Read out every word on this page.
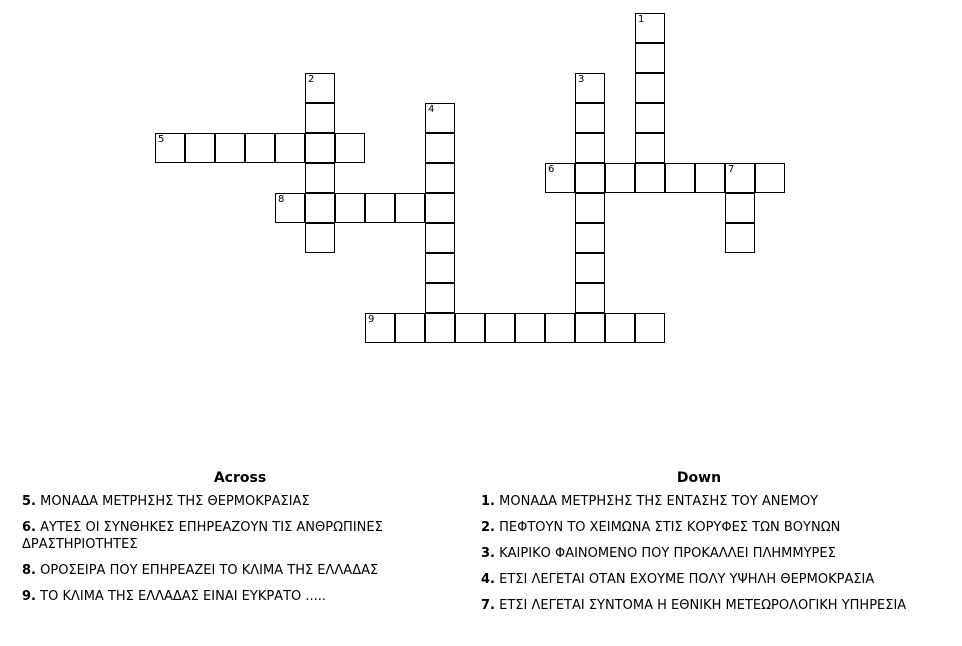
1
2	3
4
5
6	7
8
9
Across
5 . ΜΟΝΑΔΑ ΜΕΤΡΗΣΗΣ ΤΗΣ ΘΕΡΜΟΚΡΑΣΙΑΣ
6 . ΑΥΤΕΣ ΟΙ ΣΥΝΘΗΚΕΣ ΕΠΗΡΕΑΖΟΥΝ ΤΙΣ ΑΝΘΡΩΠΙΝΕΣ ΔΡΑΣΤΗΡΙΟΤΗΤΕΣ
8 . ΟΡΟΣΕΙΡΑ ΠΟΥ ΕΠΗΡΕΑΖΕΙ ΤΟ ΚΛΙΜΑ ΤΗΣ ΕΛΛΑΔΑΣ
9 . ΤΟ ΚΛΙΜΑ ΤΗΣ ΕΛΛΑΔΑΣ ΕΙΝΑΙ ΕΥΚΡΑΤΟ .....
Down
1 . ΜΟΝΑΔΑ ΜΕΤΡΗΣΗΣ ΤΗΣ ΕΝΤΑΣΗΣ ΤΟΥ ΑΝΕΜΟΥ
2 . ΠΕΦΤΟΥΝ ΤΟ ΧΕΙΜΩΝΑ ΣΤΙΣ ΚΟΡΥΦΕΣ ΤΩΝ ΒΟΥΝΩΝ
3 . ΚΑΙΡΙΚΟ ΦΑΙΝΟΜΕΝΟ ΠΟΥ ΠΡΟΚΑΛΛΕΙ ΠΛΗΜΜΥΡΕΣ
4 . ΕΤΣΙ ΛΕΓΕΤΑΙ ΟΤΑΝ ΕΧΟΥΜΕ ΠΟΛΥ ΥΨΗΛΗ ΘΕΡΜΟΚΡΑΣΙΑ
7 . ΕΤΣΙ ΛΕΓΕΤΑΙ ΣΥΝΤΟΜΑ Η ΕΘΝΙΚΗ ΜΕΤΕΩΡΟΛΟΓΙΚΗ ΥΠΗΡΕΣΙΑ
